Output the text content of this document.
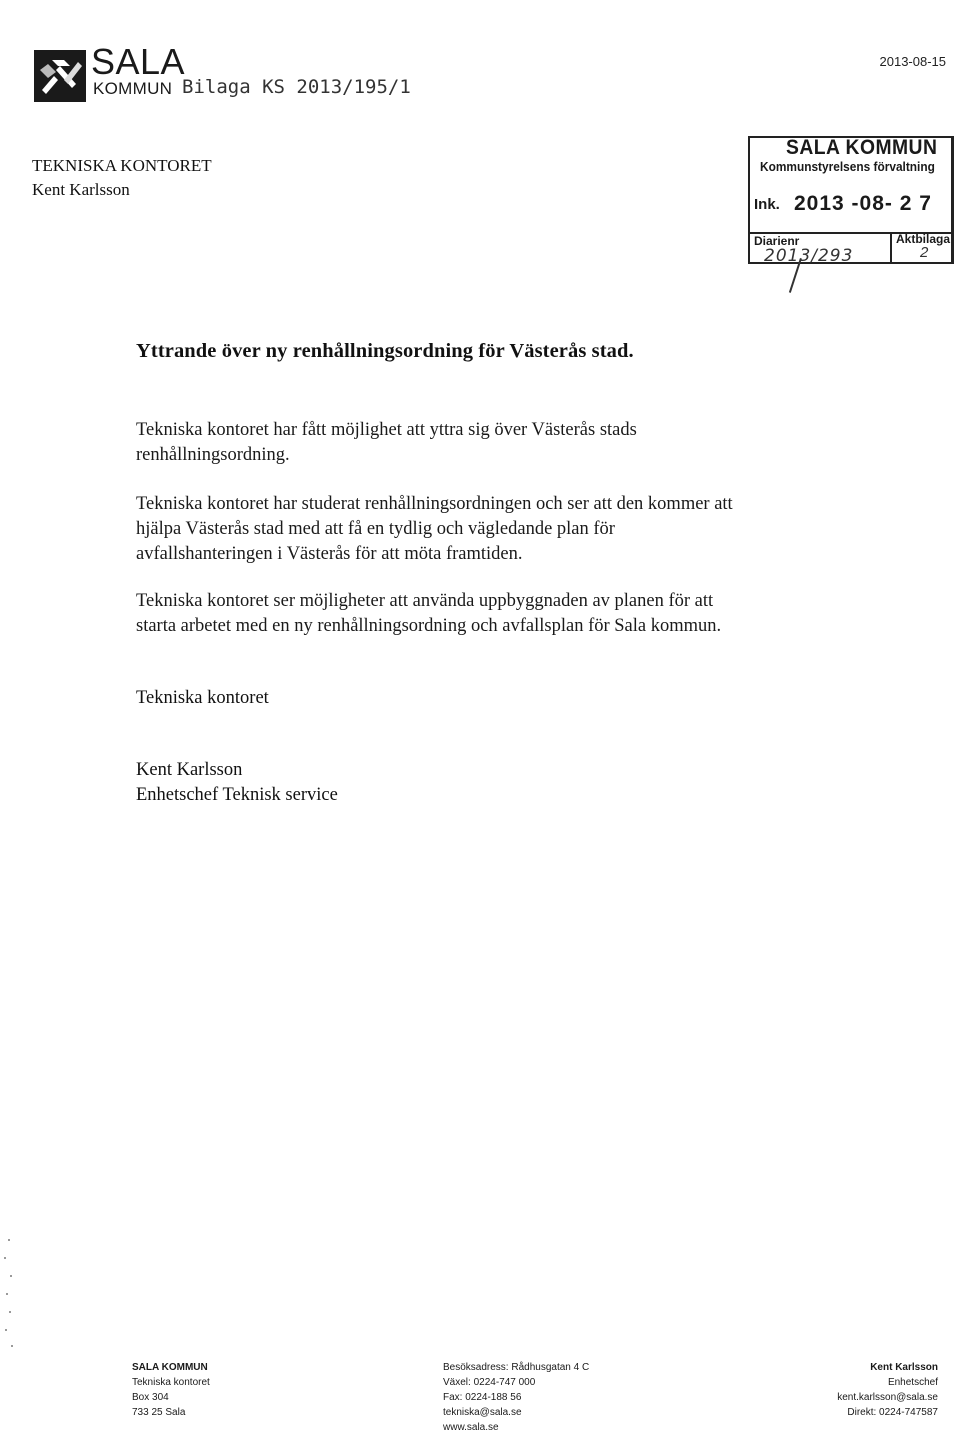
SALA
KOMMUN Bilaga KS 2013/195/1
2013-08-15
TEKNISKA KONTORET
Kent Karlsson
SALA KOMMUN
Kommunstyrelsens förvaltning
Ink. 2013 -08- 2 7
Diarienr
2013/293
Aktbilaga
2
Yttrande över ny renhållningsordning för Västerås stad.
Tekniska kontoret har fått möjlighet att yttra sig över Västerås stads
renhållningsordning.
Tekniska kontoret har studerat renhållningsordningen och ser att den kommer att
hjälpa Västerås stad med att få en tydlig och vägledande plan för
avfallshanteringen i Västerås för att möta framtiden.
Tekniska kontoret ser möjligheter att använda uppbyggnaden av planen för att
starta arbetet med en ny renhållningsordning och avfallsplan för Sala kommun.
Tekniska kontoret
Kent Karlsson
Enhetschef Teknisk service
SALA KOMMUN
Tekniska kontoret
Box 304
733 25 Sala
Besöksadress: Rådhusgatan 4 C
Växel: 0224-747 000
Fax: 0224-188 56
tekniska@sala.se
www.sala.se
Kent Karlsson
Enhetschef
kent.karlsson@sala.se
Direkt: 0224-747587
